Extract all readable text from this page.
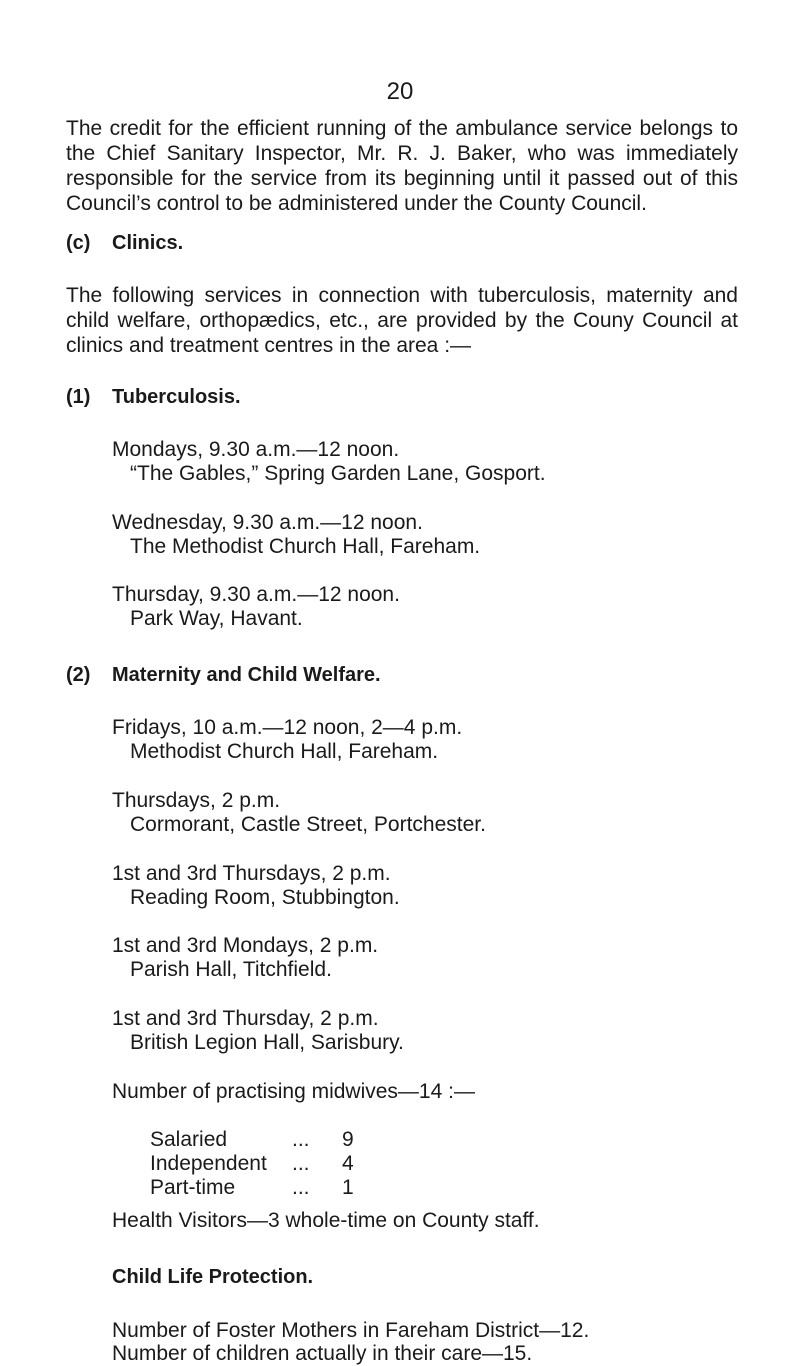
20
The credit for the efficient running of the ambulance service belongs to the Chief Sanitary Inspector, Mr. R. J. Baker, who was immediately responsible for the service from its beginning until it passed out of this Council’s control to be administered under the County Council.
(c) Clinics.
The following services in connection with tuberculosis, maternity and child welfare, orthopædics, etc., are provided by the Couny Council at clinics and treatment centres in the area :—
(1) Tuberculosis.
Mondays, 9.30 a.m.—12 noon.
“The Gables,” Spring Garden Lane, Gosport.
Wednesday, 9.30 a.m.—12 noon.
The Methodist Church Hall, Fareham.
Thursday, 9.30 a.m.—12 noon.
Park Way, Havant.
(2) Maternity and Child Welfare.
Fridays, 10 a.m.—12 noon, 2—4 p.m.
Methodist Church Hall, Fareham.
Thursdays, 2 p.m.
Cormorant, Castle Street, Portchester.
1st and 3rd Thursdays, 2 p.m.
Reading Room, Stubbington.
1st and 3rd Mondays, 2 p.m.
Parish Hall, Titchfield.
1st and 3rd Thursday, 2 p.m.
British Legion Hall, Sarisbury.
Number of practising midwives—14 :—
Salaried	... 9
Independent ... 4
Part-time	... 1
Health Visitors—3 whole-time on County staff.
Child Life Protection.
Number of Foster Mothers in Fareham District—12.
Number of children actually in their care—15.
